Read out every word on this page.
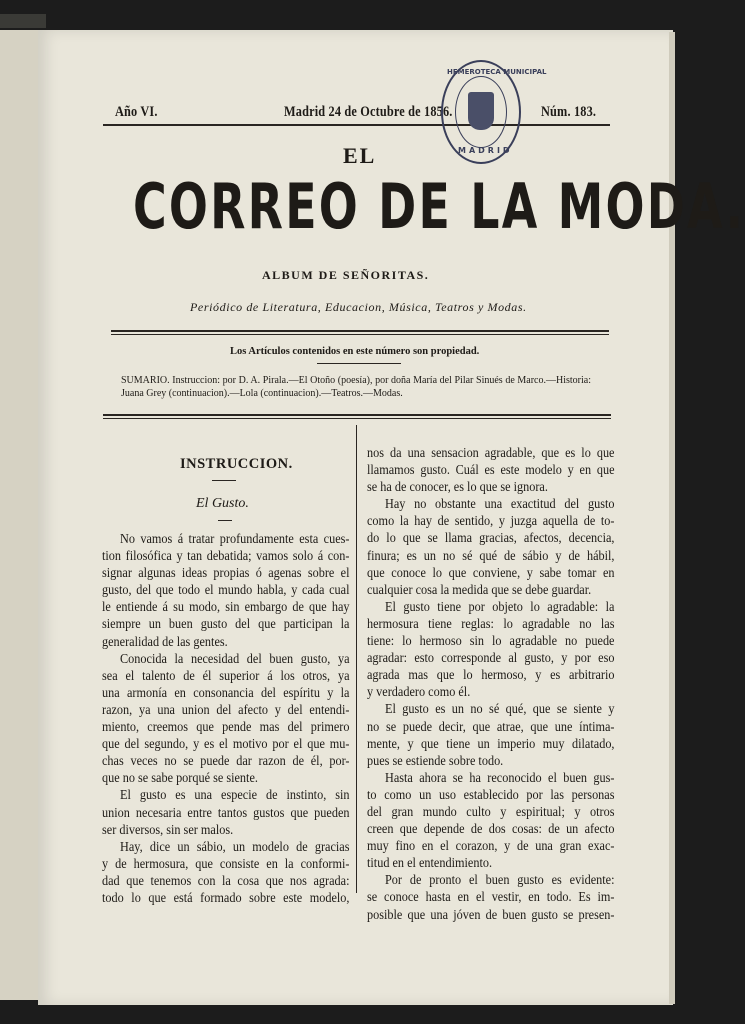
Año VI.	Madrid 24 de Octubre de 1856.	Núm. 183.
HEMEROTECA MUNICIPAL
MADRID
EL
CORREO DE LA MODA.
ALBUM DE SEÑORITAS.
Periódico de Literatura, Educacion, Música, Teatros y Modas.
Los Artículos contenidos en este número son propiedad.
SUMARIO. Instruccion: por D. A. Pirala.—El Otoño (poesía), por doña María del Pilar Sinués de Marco.—Historia: Juana Grey (continuacion).—Lola (continuacion).—Teatros.—Modas.
INSTRUCCION.
El Gusto.
No vamos á tratar profundamente esta cues-
tion filosófica y tan debatida; vamos solo á con-
signar algunas ideas propias ó agenas sobre el
gusto, del que todo el mundo habla, y cada cual
le entiende á su modo, sin embargo de que hay
siempre un buen gusto del que participan la
generalidad de las gentes.
Conocida la necesidad del buen gusto, ya
sea el talento de él superior á los otros, ya
una armonía en consonancia del espíritu y la
razon, ya una union del afecto y del entendi-
miento, creemos que pende mas del primero
que del segundo, y es el motivo por el que mu-
chas veces no se puede dar razon de él, por-
que no se sabe porqué se siente.
El gusto es una especie de instinto, sin
union necesaria entre tantos gustos que pueden
ser diversos, sin ser malos.
Hay, dice un sábio, un modelo de gracias
y de hermosura, que consiste en la conformi-
dad que tenemos con la cosa que nos agrada:
todo lo que está formado sobre este modelo,
nos da una sensacion agradable, que es lo que
llamamos gusto. Cuál es este modelo y en que
se ha de conocer, es lo que se ignora.
Hay no obstante una exactitud del gusto
como la hay de sentido, y juzga aquella de to-
do lo que se llama gracias, afectos, decencia,
finura; es un no sé qué de sábio y de hábil,
que conoce lo que conviene, y sabe tomar en
cualquier cosa la medida que se debe guardar.
El gusto tiene por objeto lo agradable: la
hermosura tiene reglas: lo agradable no las
tiene: lo hermoso sin lo agradable no puede
agradar: esto corresponde al gusto, y por eso
agrada mas que lo hermoso, y es arbitrario
y verdadero como él.
El gusto es un no sé qué, que se siente y
no se puede decir, que atrae, que une íntima-
mente, y que tiene un imperio muy dilatado,
pues se estiende sobre todo.
Hasta ahora se ha reconocido el buen gus-
to como un uso establecido por las personas
del gran mundo culto y espiritual; y otros
creen que depende de dos cosas: de un afecto
muy fino en el corazon, y de una gran exac-
titud en el entendimiento.
Por de pronto el buen gusto es evidente:
se conoce hasta en el vestir, en todo. Es im-
posible que una jóven de buen gusto se presen-
